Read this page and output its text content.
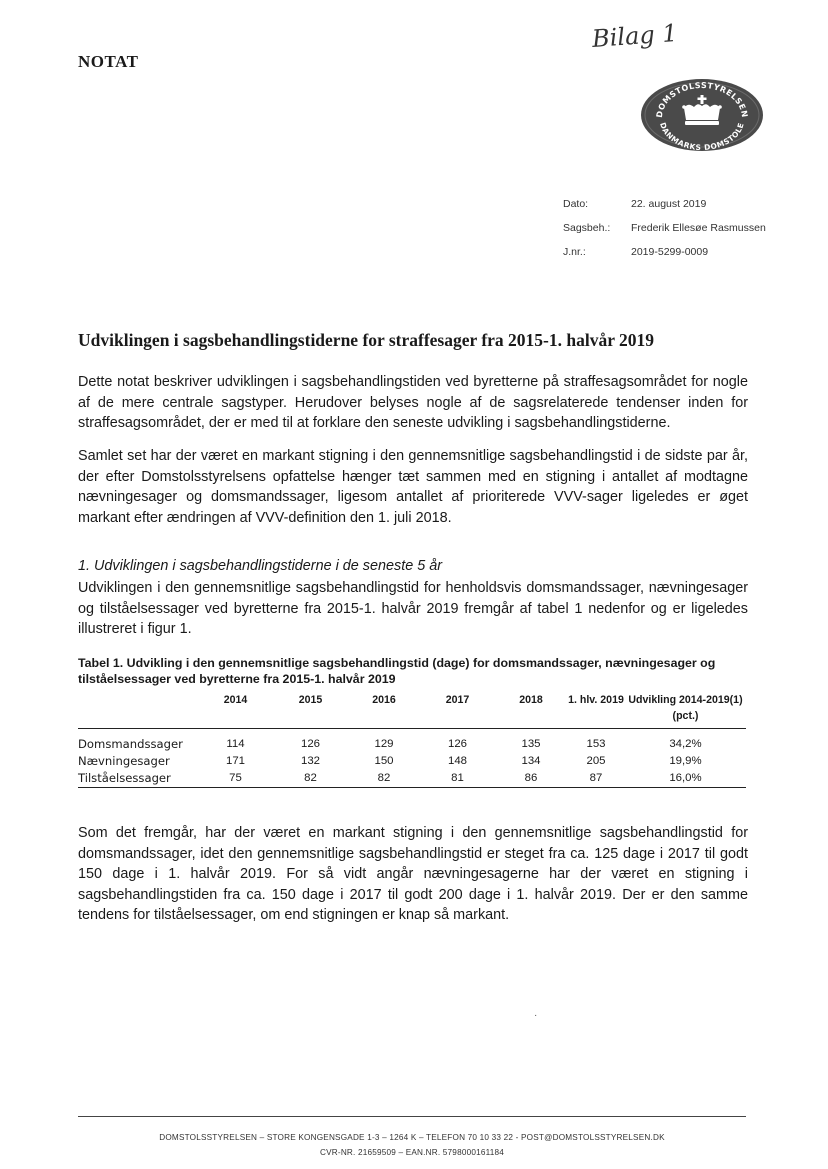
NOTAT
Bilag 1
DOMSTOLSSTYRELSEN
DANMARKS DOMSTOLE
Dato:	22. august 2019
Sagsbeh.:	Frederik Ellesøe Rasmussen
J.nr.:	2019-5299-0009
Udviklingen i sagsbehandlingstiderne for straffesager fra 2015-1. halvår 2019
Dette notat beskriver udviklingen i sagsbehandlingstiden ved byretterne på straffesagsområdet for nogle af de mere centrale sagstyper. Herudover belyses nogle af de sagsrelaterede tendenser inden for straffesagsområdet, der er med til at forklare den seneste udvikling i sagsbehandlingstiderne.
Samlet set har der været en markant stigning i den gennemsnitlige sagsbehandlingstid i de sidste par år, der efter Domstolsstyrelsens opfattelse hænger tæt sammen med en stigning i antallet af modtagne nævningesager og domsmandssager, ligesom antallet af prioriterede VVV-sager ligeledes er øget markant efter ændringen af VVV-definition den 1. juli 2018.
1. Udviklingen i sagsbehandlingstiderne i de seneste 5 år
Udviklingen i den gennemsnitlige sagsbehandlingstid for henholdsvis domsmandssager, nævningesager og tilståelsessager ved byretterne fra 2015-1. halvår 2019 fremgår af tabel 1 nedenfor og er ligeledes illustreret i figur 1.
Tabel 1. Udvikling i den gennemsnitlige sagsbehandlingstid (dage) for domsmandssager, nævningesager og tilståelsessager ved byretterne fra 2015-1. halvår 2019
	2014	2015	2016	2017	2018	1. hlv. 2019	Udvikling 2014-2019(1) (pct.)
Domsmandssager	114	126	129	126	135	153	34,2%
Nævningesager	171	132	150	148	134	205	19,9%
Tilståelsessager	75	82	82	81	86	87	16,0%
Som det fremgår, har der været en markant stigning i den gennemsnitlige sagsbehandlingstid for domsmandssager, idet den gennemsnitlige sagsbehandlingstid er steget fra ca. 125 dage i 2017 til godt 150 dage i 1. halvår 2019. For så vidt angår nævningesagerne har der været en stigning i sagsbehandlingstiden fra ca. 150 dage i 2017 til godt 200 dage i 1. halvår 2019. Der er den samme tendens for tilståelsessager, om end stigningen er knap så markant.
·
DOMSTOLSSTYRELSEN – STORE KONGENSGADE 1-3 – 1264 K – TELEFON 70 10 33 22 - POST@DOMSTOLSSTYRELSEN.DK
CVR-NR. 21659509 – EAN.NR. 5798000161184
